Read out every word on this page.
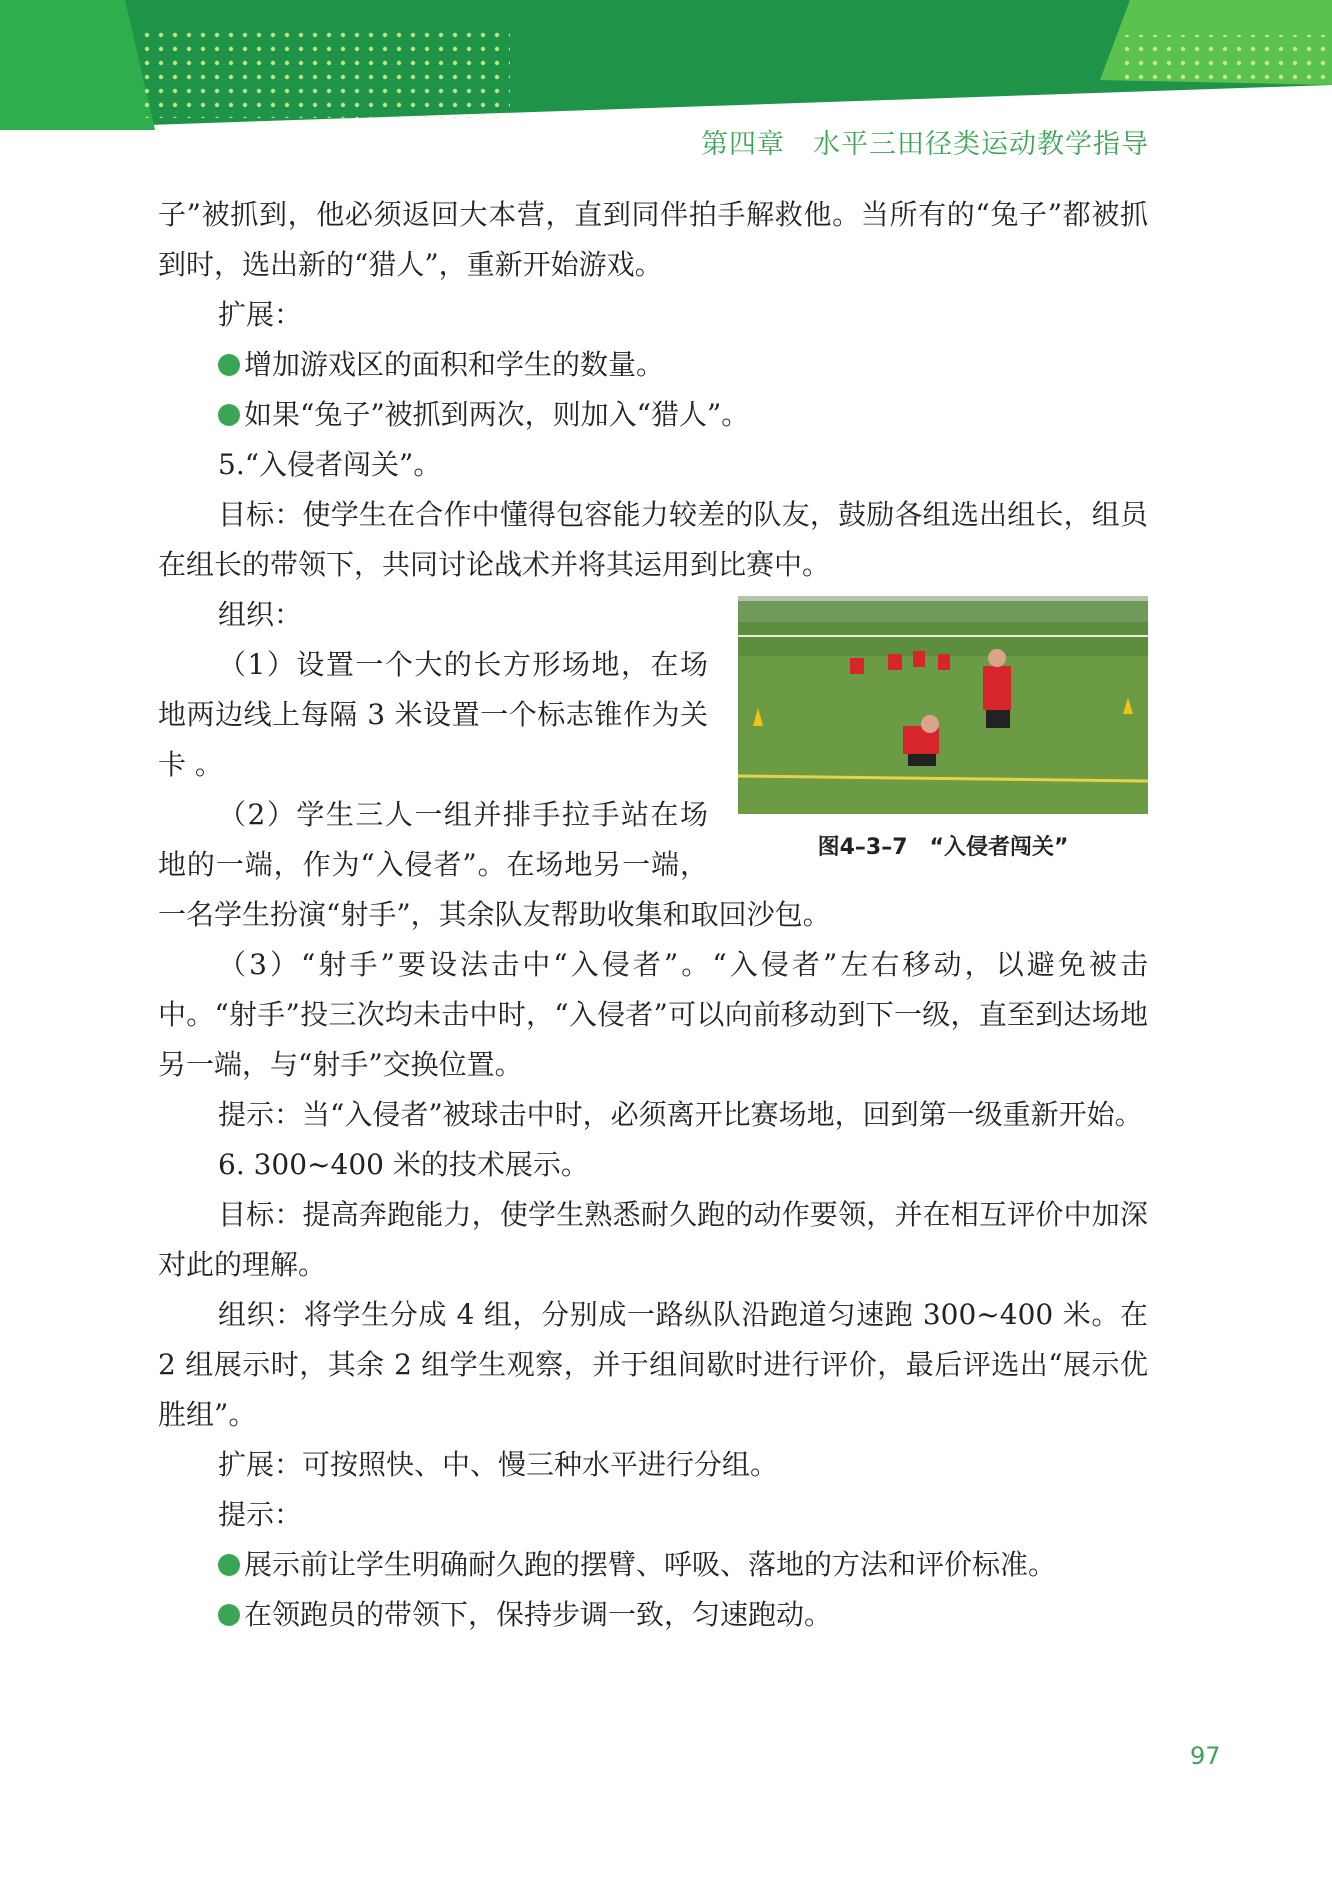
第四章　水平三田径类运动教学指导

子”被抓到，他必须返回大本营，直到同伴拍手解救他。当所有的“兔子”都被抓到时，选出新的“猎人”，重新开始游戏。

扩展：

增加游戏区的面积和学生的数量。

如果“兔子”被抓到两次，则加入“猎人”。

5.“入侵者闯关”。

目标：使学生在合作中懂得包容能力较差的队友，鼓励各组选出组长，组员在组长的带领下，共同讨论战术并将其运用到比赛中。

图4–3–7　“入侵者闯关”

组织：

（1）设置一个大的长方形场地，在场地两边线上每隔 3 米设置一个标志锥作为关卡 。

（2）学生三人一组并排手拉手站在场地的一端，作为“入侵者”。在场地另一端，一名学生扮演“射手”，其余队友帮助收集和取回沙包。

（3）“射手”要设法击中“入侵者”。“入侵者”左右移动，以避免被击中。“射手”投三次均未击中时，“入侵者”可以向前移动到下一级，直至到达场地另一端，与“射手”交换位置。

提示：当“入侵者”被球击中时，必须离开比赛场地，回到第一级重新开始。

6. 300~400 米的技术展示。

目标：提高奔跑能力，使学生熟悉耐久跑的动作要领，并在相互评价中加深对此的理解。

组织：将学生分成 4 组，分别成一路纵队沿跑道匀速跑 300~400 米。在 2 组展示时，其余 2 组学生观察，并于组间歇时进行评价，最后评选出“展示优胜组”。

扩展：可按照快、中、慢三种水平进行分组。

提示：

展示前让学生明确耐久跑的摆臂、呼吸、落地的方法和评价标准。

在领跑员的带领下，保持步调一致，匀速跑动。

97
